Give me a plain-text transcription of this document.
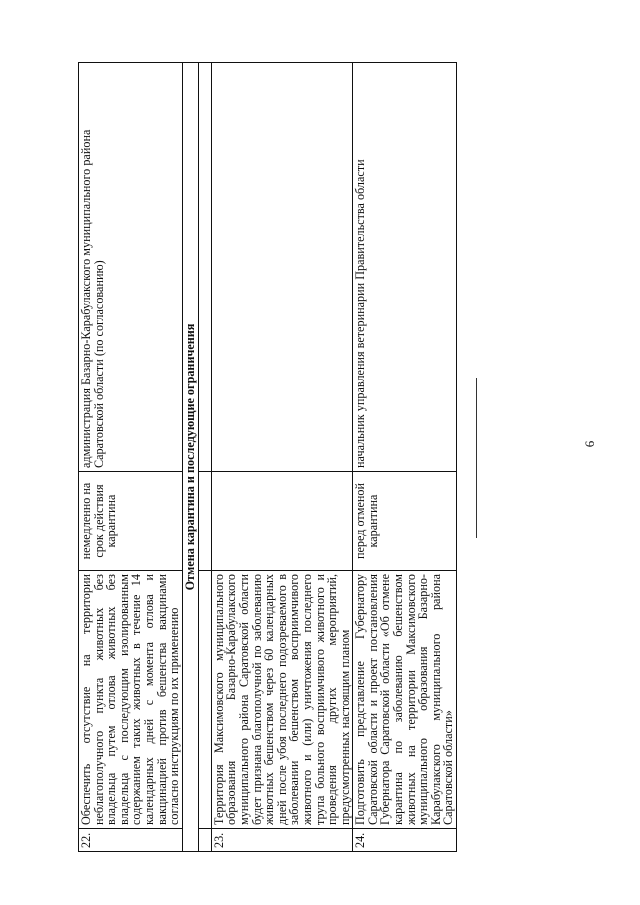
6
22.	Обеспечить отсутствие на территории неблагополучного пункта животных без владельца путем отлова животных без владельца с последующим изолированным содержанием таких животных в течение 14 календарных дней с момента отлова и вакцинацией против бешенства вакцинами согласно инструкциям по их применению	немедленно на срок действия карантина	администрация Базарно-Карабулакского муниципального района Саратовской области (по согласованию)
Отмена карантина и последующие ограничения			

23.	Территория Максимовского муниципального образования Базарно-Карабулакского муниципального района Саратовской области будет признана благополучной по заболеванию животных бешенством через 60 календарных дней после убоя последнего подозреваемого в заболевании бешенством восприимчивого животного и (или) уничтожения последнего трупа больного восприимчивого животного и проведения других мероприятий, предусмотренных настоящим планом		
24.	Подготовить представление Губернатору Саратовской области и проект постановления Губернатора Саратовской области «Об отмене карантина по заболеванию бешенством животных на территории Максимовского муниципального образования Базарно-Карабулакского муниципального района Саратовской области»	перед отменой карантина	начальник управления ветеринарии Правительства области
